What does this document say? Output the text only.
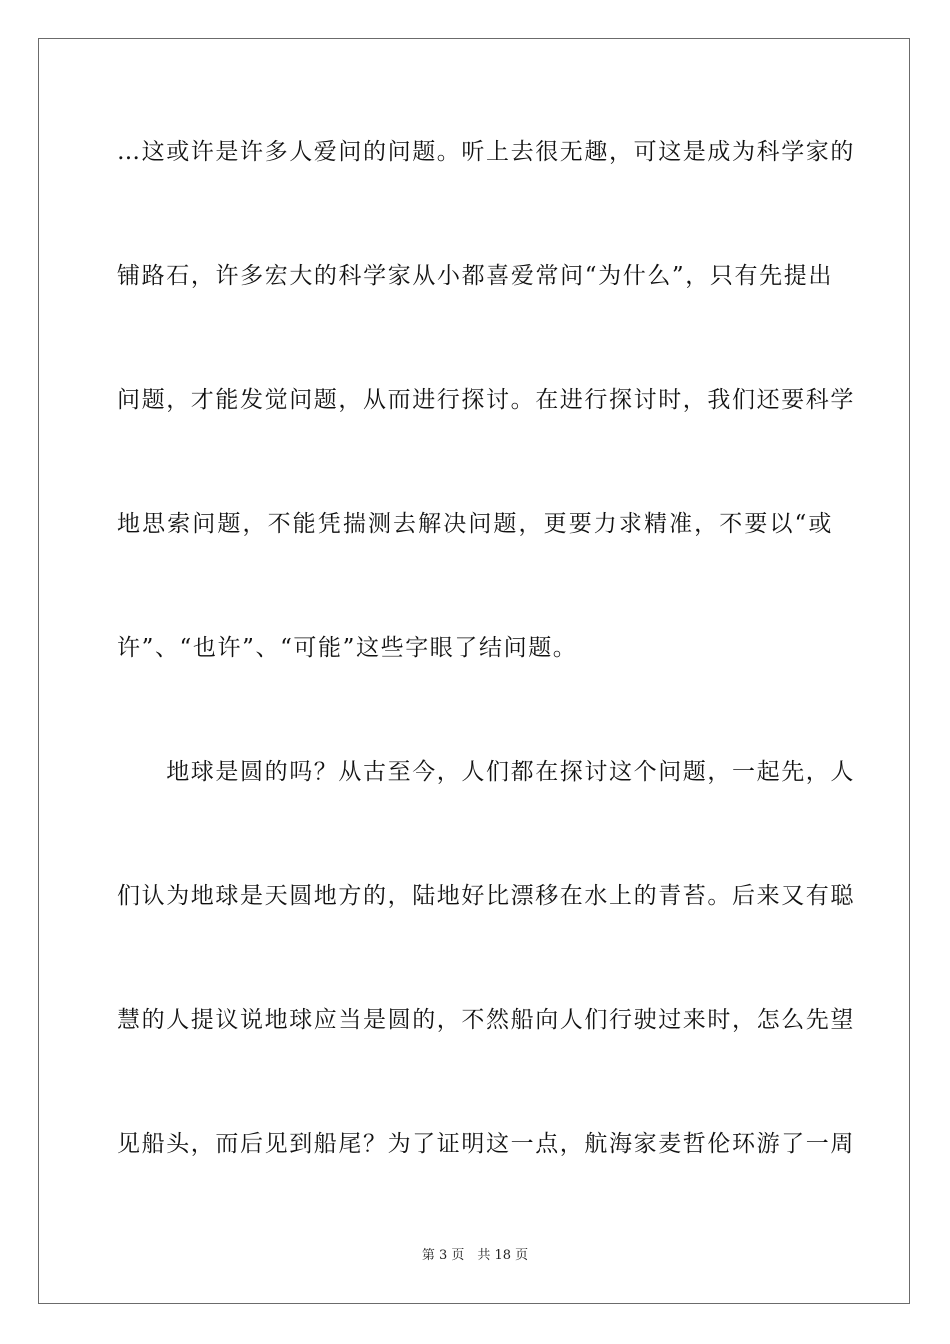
…这或许是许多人爱问的问题。听上去很无趣，可这是成为科学家的
铺路石，许多宏大的科学家从小都喜爱常问“为什么”，只有先提出
问题，才能发觉问题，从而进行探讨。在进行探讨时，我们还要科学
地思索问题，不能凭揣测去解决问题，更要力求精准，不要以“或
许”、“也许”、“可能”这些字眼了结问题。
　　地球是圆的吗？从古至今，人们都在探讨这个问题，一起先，人
们认为地球是天圆地方的，陆地好比漂移在水上的青苔。后来又有聪
慧的人提议说地球应当是圆的，不然船向人们行驶过来时，怎么先望
见船头，而后见到船尾？为了证明这一点，航海家麦哲伦环游了一周
第 3 页　共 18 页
